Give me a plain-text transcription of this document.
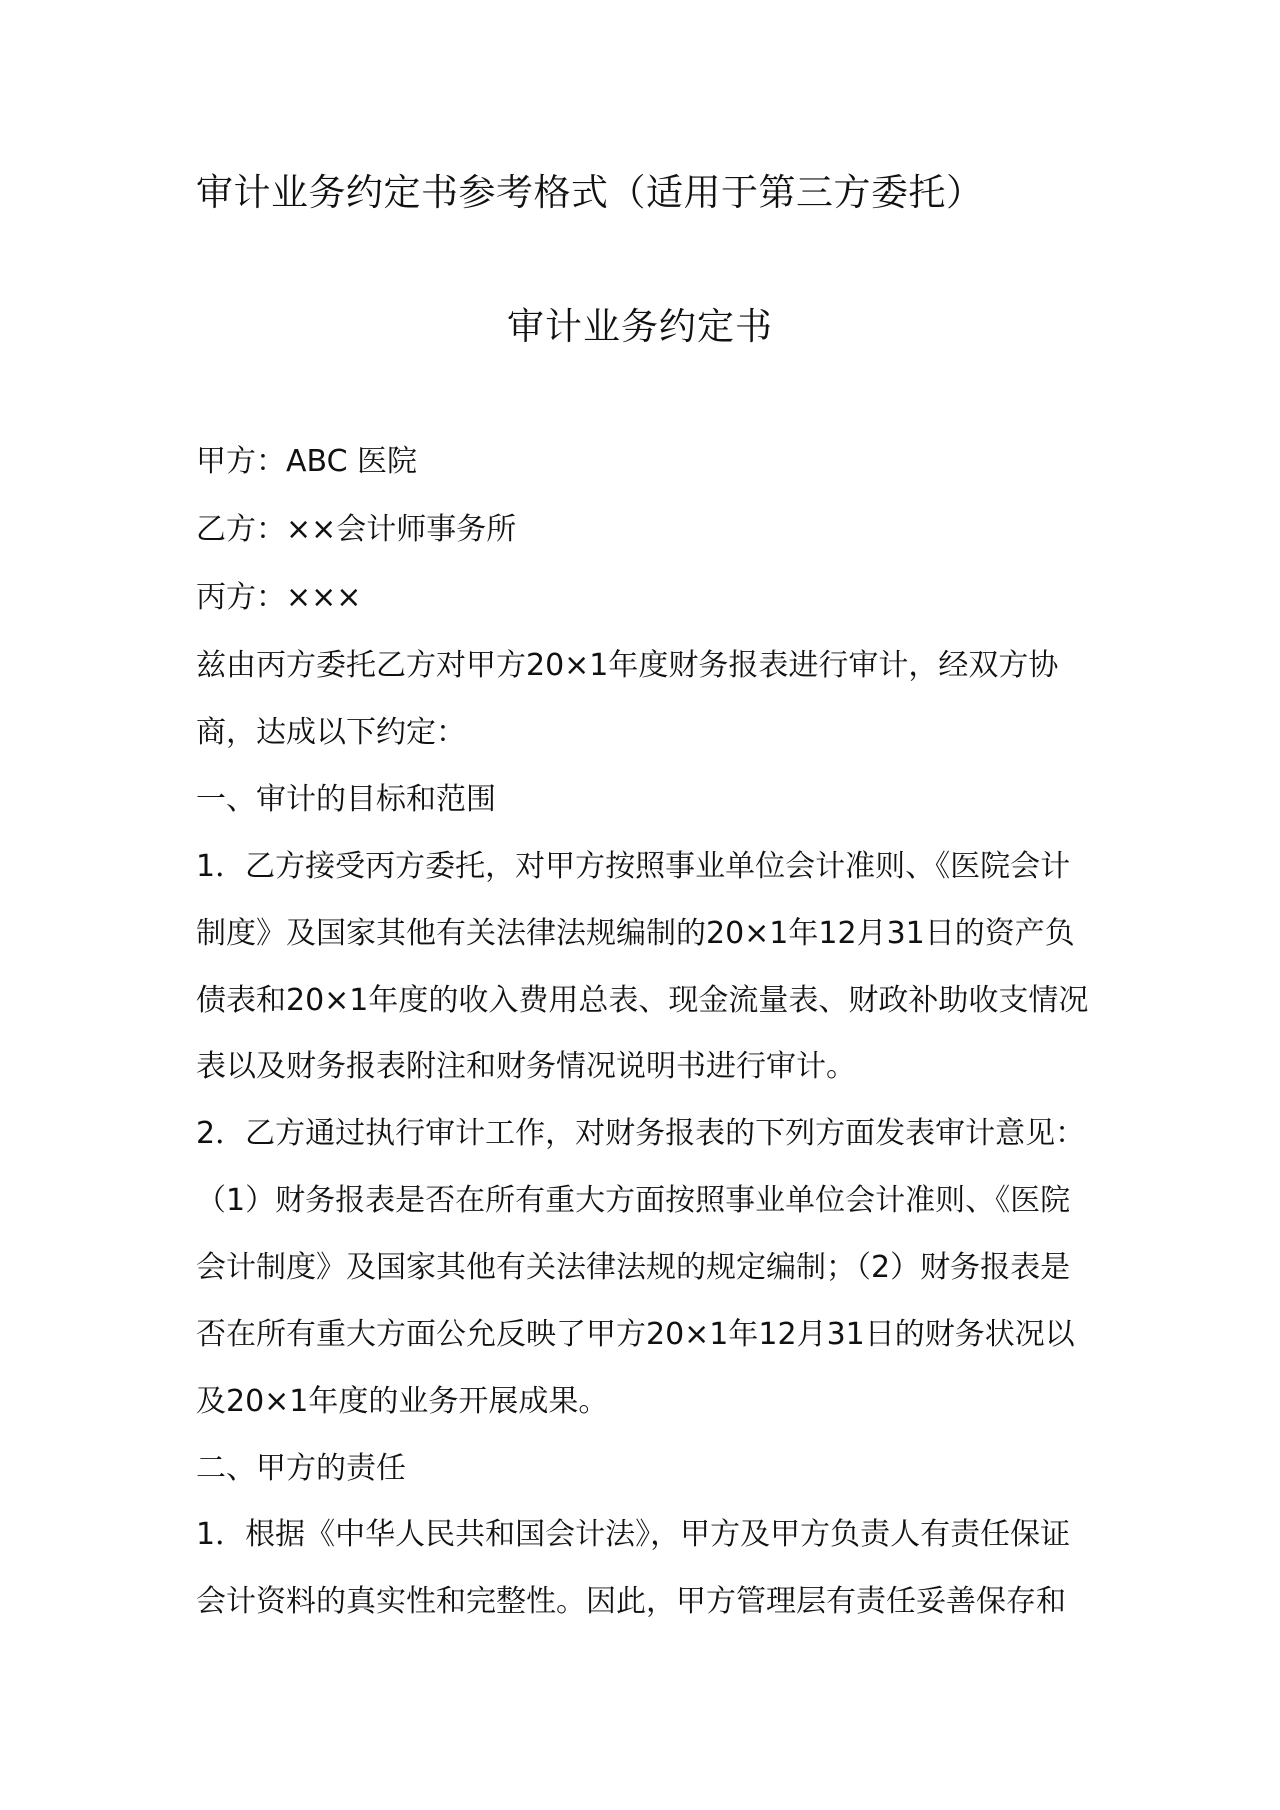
审计业务约定书参考格式（适用于第三方委托）
审计业务约定书
甲方：ABC 医院
乙方：××会计师事务所
丙方：×××
兹由丙方委托乙方对甲方20×1年度财务报表进行审计，经双方协
商，达成以下约定：
一、审计的目标和范围
1．乙方接受丙方委托，对甲方按照事业单位会计准则、《医院会计
制度》及国家其他有关法律法规编制的20×1年12月31日的资产负
债表和20×1年度的收入费用总表、现金流量表、财政补助收支情况
表以及财务报表附注和财务情况说明书进行审计。
2．乙方通过执行审计工作，对财务报表的下列方面发表审计意见：
（1）财务报表是否在所有重大方面按照事业单位会计准则、《医院
会计制度》及国家其他有关法律法规的规定编制；（2）财务报表是
否在所有重大方面公允反映了甲方20×1年12月31日的财务状况以
及20×1年度的业务开展成果。
二、甲方的责任
1．根据《中华人民共和国会计法》，甲方及甲方负责人有责任保证
会计资料的真实性和完整性。因此，甲方管理层有责任妥善保存和
